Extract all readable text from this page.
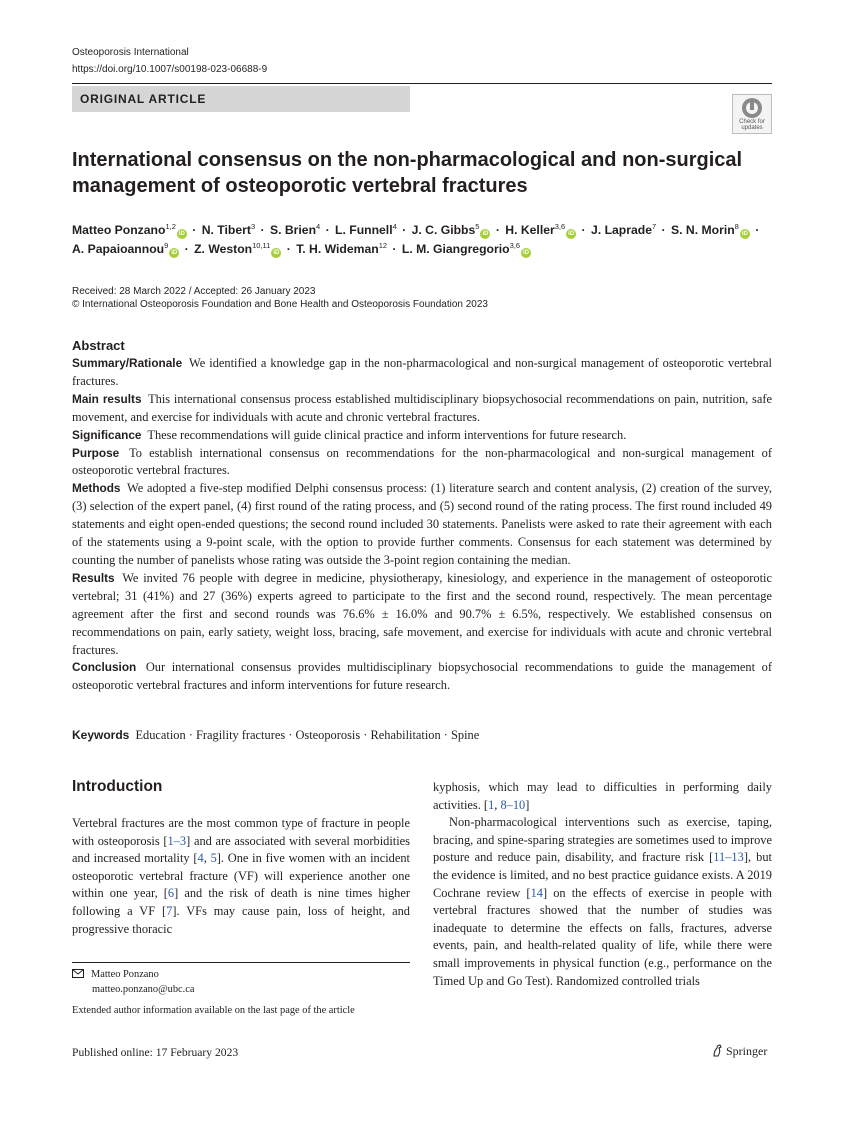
Osteoporosis International
https://doi.org/10.1007/s00198-023-06688-9
ORIGINAL ARTICLE
Check for
updates
International consensus on the non-pharmacological and non-surgical management of osteoporotic vertebral fractures
Matteo Ponzano$^{1,2}$iD · N. Tibert$^3$ · S. Brien$^4$ · L. Funnell$^4$ · J. C. Gibbs$^5$iD · H. Keller$^{3,6}$iD · J. Laprade$^7$ · S. N. Morin$^8$iD ·
A. Papaioannou$^9$iD · Z. Weston$^{10,11}$iD · T. H. Wideman$^{12}$ · L. M. Giangregorio$^{3,6}$iD
Received: 28 March 2022 / Accepted: 26 January 2023
© International Osteoporosis Foundation and Bone Health and Osteoporosis Foundation 2023
Abstract

Summary/Rationale We identified a knowledge gap in the non-pharmacological and non-surgical management of osteoporotic vertebral fractures.

Main results This international consensus process established multidisciplinary biopsychosocial recommendations on pain, nutrition, safe movement, and exercise for individuals with acute and chronic vertebral fractures.

Significance These recommendations will guide clinical practice and inform interventions for future research.

Purpose To establish international consensus on recommendations for the non-pharmacological and non-surgical management of osteoporotic vertebral fractures.

Methods We adopted a five-step modified Delphi consensus process: (1) literature search and content analysis, (2) creation of the survey, (3) selection of the expert panel, (4) first round of the rating process, and (5) second round of the rating process. The first round included 49 statements and eight open-ended questions; the second round included 30 statements. Panelists were asked to rate their agreement with each of the statements using a 9-point scale, with the option to provide further comments. Consensus for each statement was determined by counting the number of panelists whose rating was outside the 3-point region containing the median.

Results We invited 76 people with degree in medicine, physiotherapy, kinesiology, and experience in the management of osteoporotic vertebral; 31 (41%) and 27 (36%) experts agreed to participate to the first and the second round, respectively. The mean percentage agreement after the first and second rounds was 76.6% ± 16.0% and 90.7% ± 6.5%, respectively. We established consensus on recommendations on pain, early satiety, weight loss, bracing, safe movement, and exercise for individuals with acute and chronic vertebral fractures.

Conclusion Our international consensus provides multidisciplinary biopsychosocial recommendations to guide the management of osteoporotic vertebral fractures and inform interventions for future research.

Keywords Education · Fragility fractures · Osteoporosis · Rehabilitation · Spine
Introduction

Vertebral fractures are the most common type of fracture in people with osteoporosis [1–3] and are associated with several morbidities and increased mortality [4, 5]. One in five women with an incident osteoporotic vertebral fracture (VF) will experience another one within one year, [6] and the risk of death is nine times higher following a VF [7]. VFs may cause pain, loss of height, and progressive thoracic

kyphosis, which may lead to difficulties in performing daily activities. [1, 8–10]

Non-pharmacological interventions such as exercise, taping, bracing, and spine-sparing strategies are sometimes used to improve posture and reduce pain, disability, and fracture risk [11–13], but the evidence is limited, and no best practice guidance exists. A 2019 Cochrane review [14] on the effects of exercise in people with vertebral fractures showed that the number of studies was inadequate to determine the effects on falls, fractures, adverse events, pain, and health-related quality of life, while there were small improvements in physical function (e.g., performance on the Timed Up and Go Test). Randomized controlled trials

Matteo Ponzano
matteo.ponzano@ubc.ca
Extended author information available on the last page of the article
Published online: 17 February 2023	Springer
